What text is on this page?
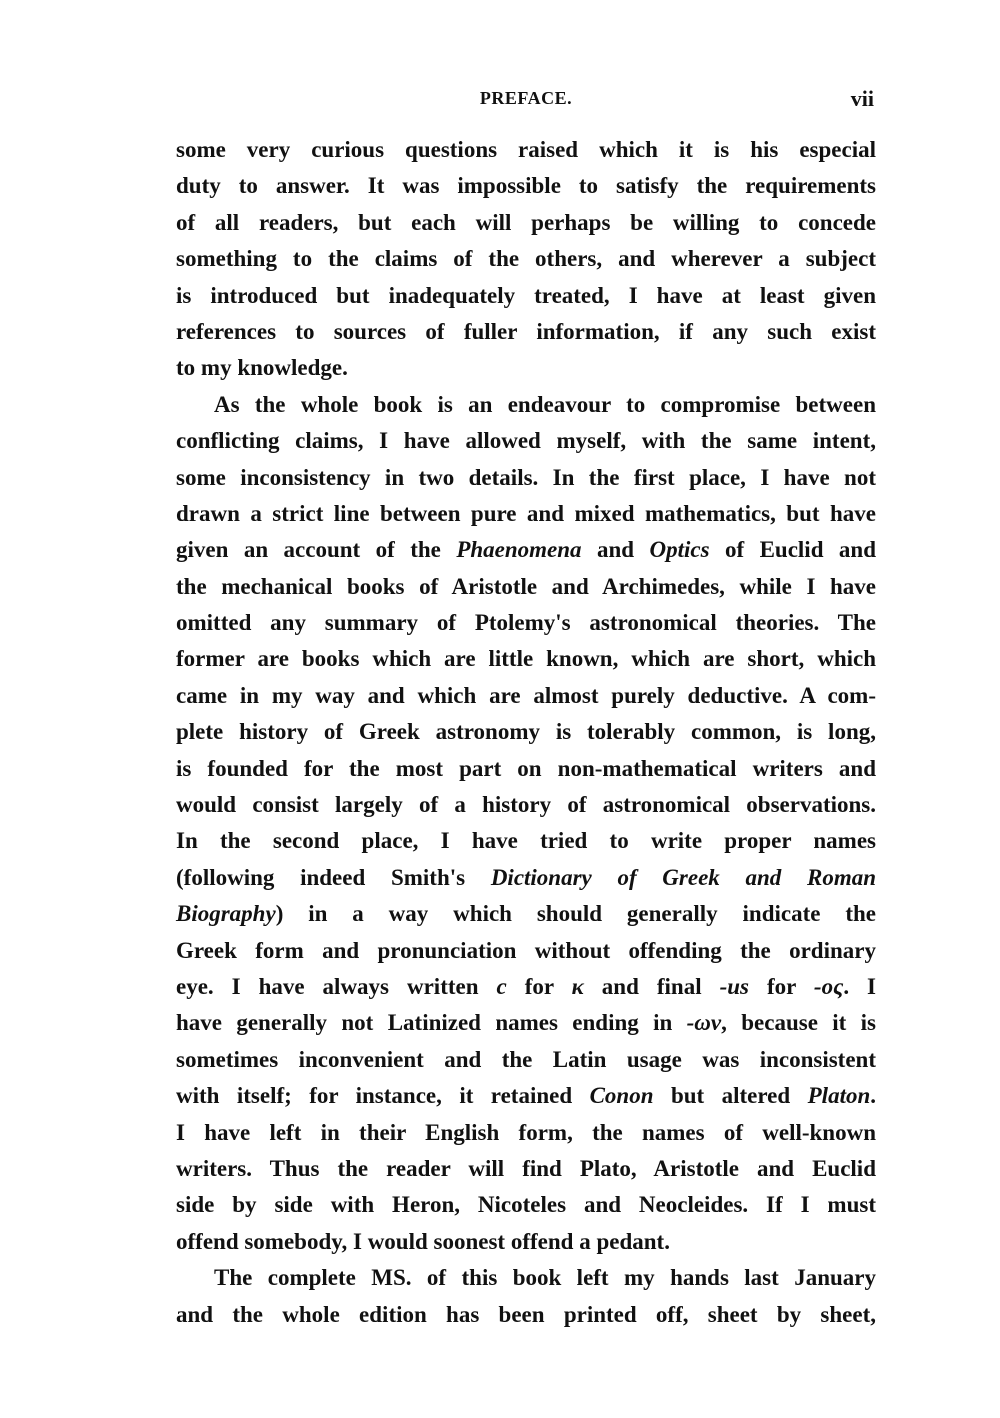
PREFACE.	vii
some very curious questions raised which it is his especial
duty to answer. It was impossible to satisfy the requirements
of all readers, but each will perhaps be willing to concede
something to the claims of the others, and wherever a subject
is introduced but inadequately treated, I have at least given
references to sources of fuller information, if any such exist
to my knowledge.
As the whole book is an endeavour to compromise between
conflicting claims, I have allowed myself, with the same intent,
some inconsistency in two details. In the first place, I have not
drawn a strict line between pure and mixed mathematics, but have
given an account of the Phaenomena and Optics of Euclid and
the mechanical books of Aristotle and Archimedes, while I have
omitted any summary of Ptolemy's astronomical theories. The
former are books which are little known, which are short, which
came in my way and which are almost purely deductive. A com-
plete history of Greek astronomy is tolerably common, is long,
is founded for the most part on non-mathematical writers and
would consist largely of a history of astronomical observations.
In the second place, I have tried to write proper names
(following indeed Smith's Dictionary of Greek and Roman
Biography) in a way which should generally indicate the
Greek form and pronunciation without offending the ordinary
eye. I have always written c for κ and final -us for -ος. I
have generally not Latinized names ending in -ων, because it is
sometimes inconvenient and the Latin usage was inconsistent
with itself; for instance, it retained Conon but altered Platon.
I have left in their English form, the names of well-known
writers. Thus the reader will find Plato, Aristotle and Euclid
side by side with Heron, Nicoteles and Neocleides. If I must
offend somebody, I would soonest offend a pedant.
The complete MS. of this book left my hands last January
and the whole edition has been printed off, sheet by sheet,
